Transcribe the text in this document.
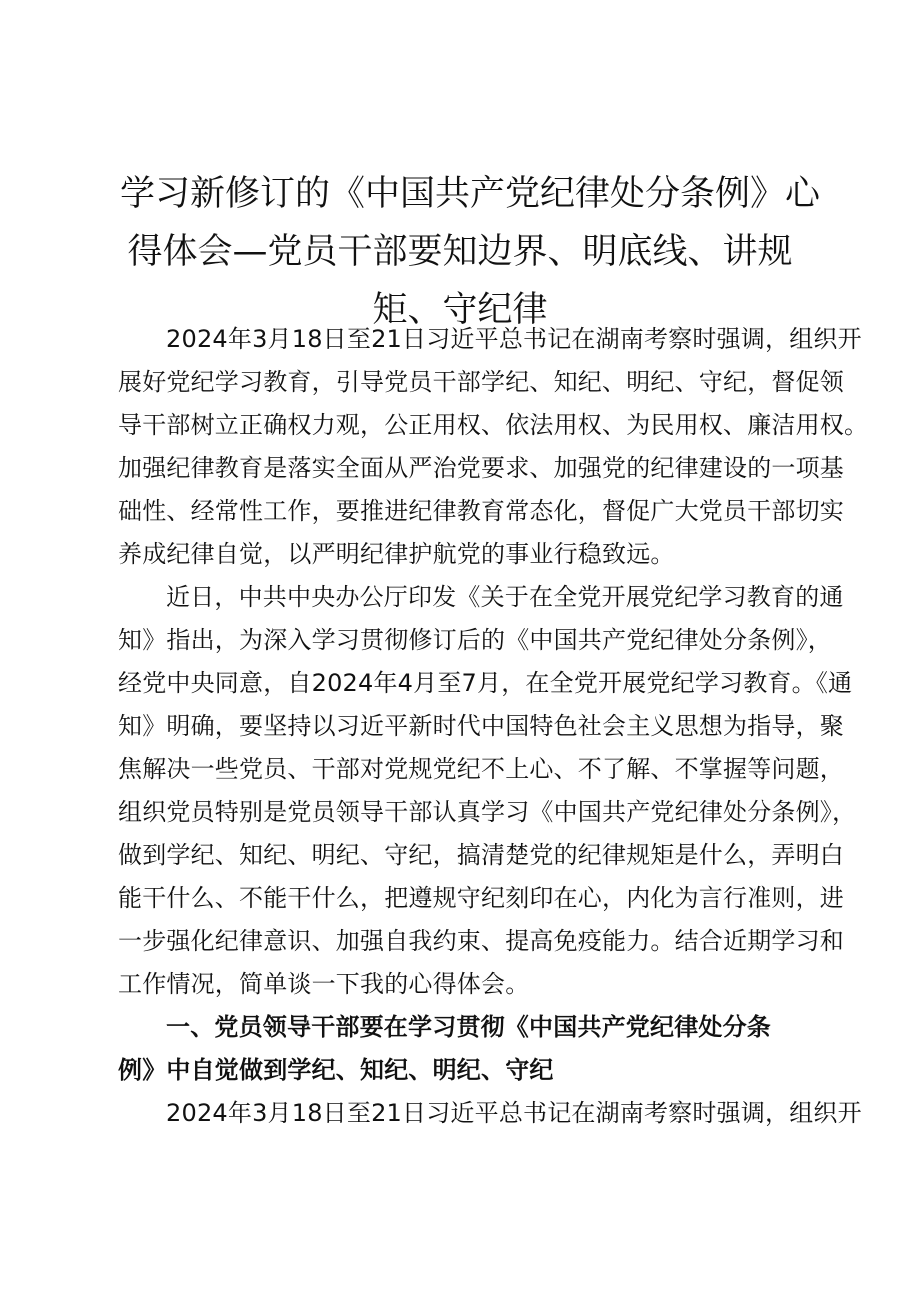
学习新修订的《中国共产党纪律处分条例》心
得体会—党员干部要知边界、明底线、讲规
矩、守纪律
2024年3月18日至21日习近平总书记在湖南考察时强调，组织开
展好党纪学习教育，引导党员干部学纪、知纪、明纪、守纪，督促领
导干部树立正确权力观，公正用权、依法用权、为民用权、廉洁用权。
加强纪律教育是落实全面从严治党要求、加强党的纪律建设的一项基
础性、经常性工作，要推进纪律教育常态化，督促广大党员干部切实
养成纪律自觉，以严明纪律护航党的事业行稳致远。
近日，中共中央办公厅印发《关于在全党开展党纪学习教育的通
知》指出，为深入学习贯彻修订后的《中国共产党纪律处分条例》，
经党中央同意，自2024年4月至7月，在全党开展党纪学习教育。《通
知》明确，要坚持以习近平新时代中国特色社会主义思想为指导，聚
焦解决一些党员、干部对党规党纪不上心、不了解、不掌握等问题，
组织党员特别是党员领导干部认真学习《中国共产党纪律处分条例》，
做到学纪、知纪、明纪、守纪，搞清楚党的纪律规矩是什么，弄明白
能干什么、不能干什么，把遵规守纪刻印在心，内化为言行准则，进
一步强化纪律意识、加强自我约束、提高免疫能力。结合近期学习和
工作情况，简单谈一下我的心得体会。
一、党员领导干部要在学习贯彻《中国共产党纪律处分条
例》中自觉做到学纪、知纪、明纪、守纪
2024年3月18日至21日习近平总书记在湖南考察时强调，组织开
